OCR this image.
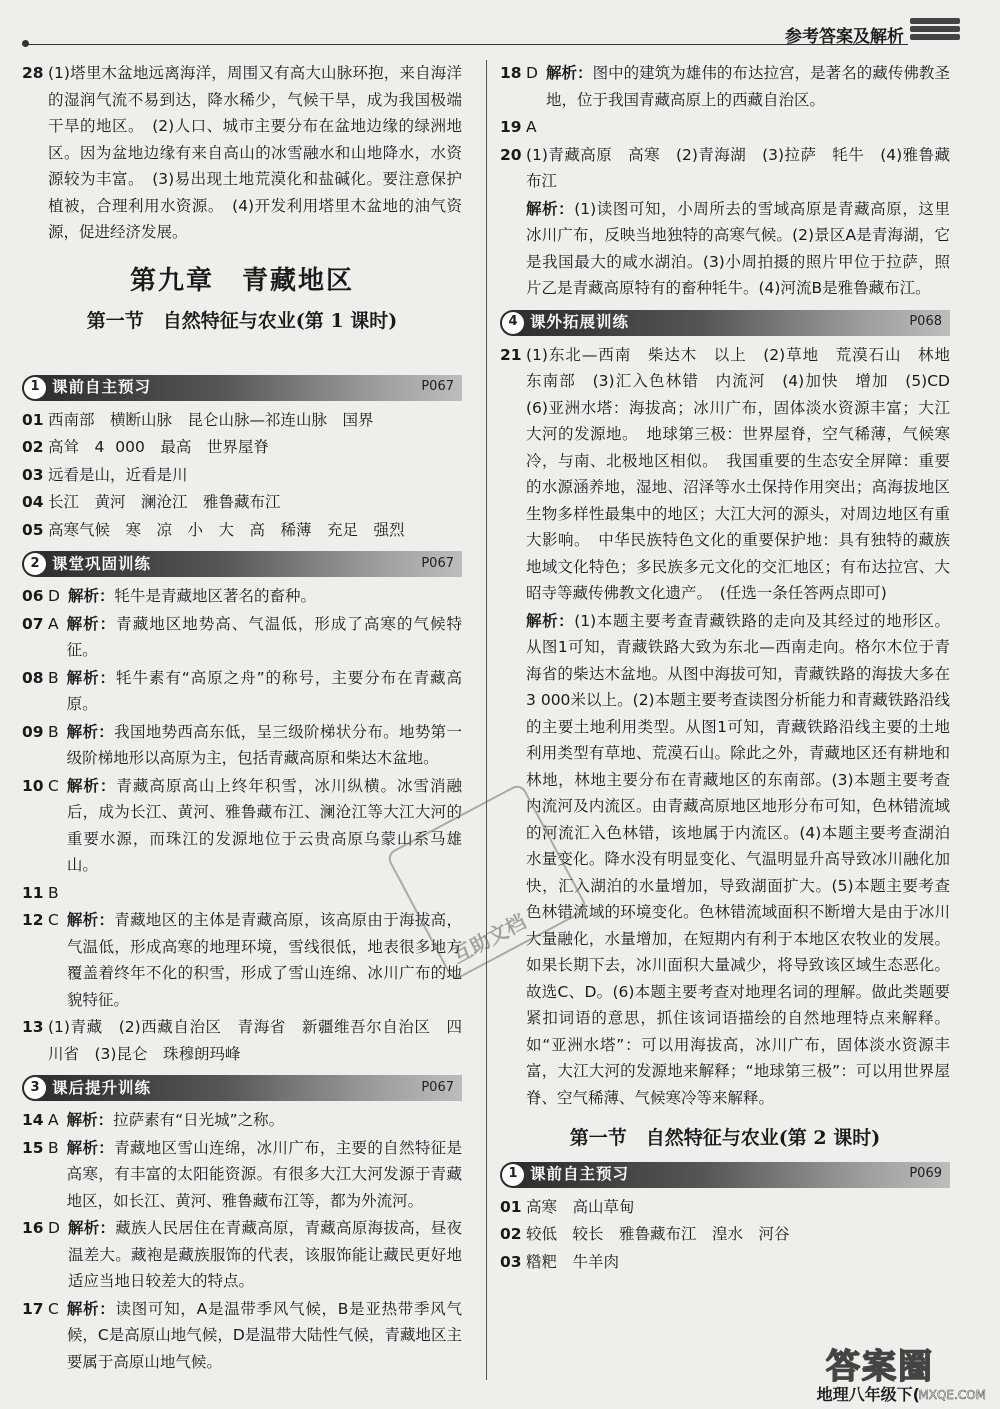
参考答案及解析
28 (1)塔里木盆地远离海洋，周围又有高大山脉环抱，来自海洋的湿润气流不易到达，降水稀少，气候干旱，成为我国极端干旱的地区。　(2)人口、城市主要分布在盆地边缘的绿洲地区。因为盆地边缘有来自高山的冰雪融水和山地降水，水资源较为丰富。　(3)易出现土地荒漠化和盐碱化。要注意保护植被，合理利用水资源。　(4)开发利用塔里木盆地的油气资源，促进经济发展。
第九章　青藏地区
第一节　自然特征与农业(第 1 课时)
1 课前自主预习	P067
01 西南部　横断山脉　昆仑山脉—祁连山脉　国界
02 高耸　4 000　最高　世界屋脊
03 远看是山，近看是川
04 长江　黄河　澜沧江　雅鲁藏布江
05 高寒气候　寒　凉　小　大　高　稀薄　充足　强烈
2 课堂巩固训练	P067
06 D 解析：牦牛是青藏地区著名的畜种。
07 A 解析：青藏地区地势高、气温低，形成了高寒的气候特征。
08 B 解析：牦牛素有“高原之舟”的称号，主要分布在青藏高原。
09 B 解析：我国地势西高东低，呈三级阶梯状分布。地势第一级阶梯地形以高原为主，包括青藏高原和柴达木盆地。
10 C 解析：青藏高原高山上终年积雪，冰川纵横。冰雪消融后，成为长江、黄河、雅鲁藏布江、澜沧江等大江大河的重要水源，而珠江的发源地位于云贵高原乌蒙山系马雄山。
11 B
12 C 解析：青藏地区的主体是青藏高原，该高原由于海拔高，气温低，形成高寒的地理环境，雪线很低，地表很多地方覆盖着终年不化的积雪，形成了雪山连绵、冰川广布的地貌特征。
13 (1)青藏　(2)西藏自治区　青海省　新疆维吾尔自治区　四川省　(3)昆仑　珠穆朗玛峰
3 课后提升训练	P067
14 A 解析：拉萨素有“日光城”之称。
15 B 解析：青藏地区雪山连绵，冰川广布，主要的自然特征是高寒，有丰富的太阳能资源。有很多大江大河发源于青藏地区，如长江、黄河、雅鲁藏布江等，都为外流河。
16 D 解析：藏族人民居住在青藏高原，青藏高原海拔高，昼夜温差大。藏袍是藏族服饰的代表，该服饰能让藏民更好地适应当地日较差大的特点。
17 C 解析：读图可知，A是温带季风气候，B是亚热带季风气候，C是高原山地气候，D是温带大陆性气候，青藏地区主要属于高原山地气候。
18 D 解析：图中的建筑为雄伟的布达拉宫，是著名的藏传佛教圣地，位于我国青藏高原上的西藏自治区。
19 A
20 (1)青藏高原　高寒　(2)青海湖　(3)拉萨　牦牛　(4)雅鲁藏布江
解析：(1)读图可知，小周所去的雪域高原是青藏高原，这里冰川广布，反映当地独特的高寒气候。(2)景区A是青海湖，它是我国最大的咸水湖泊。(3)小周拍摄的照片甲位于拉萨，照片乙是青藏高原特有的畜种牦牛。(4)河流B是雅鲁藏布江。
4 课外拓展训练	P068
21 (1)东北—西南　柴达木　以上　(2)草地　荒漠石山　林地　东南部　(3)汇入色林错　内流河　(4)加快　增加　(5)CD　(6)亚洲水塔：海拔高；冰川广布，固体淡水资源丰富；大江大河的发源地。　地球第三极：世界屋脊，空气稀薄，气候寒冷，与南、北极地区相似。　我国重要的生态安全屏障：重要的水源涵养地，湿地、沼泽等水土保持作用突出；高海拔地区生物多样性最集中的地区；大江大河的源头，对周边地区有重大影响。　中华民族特色文化的重要保护地：具有独特的藏族地域文化特色；多民族多元文化的交汇地区；有布达拉宫、大昭寺等藏传佛教文化遗产。　(任选一条任答两点即可)
解析：(1)本题主要考查青藏铁路的走向及其经过的地形区。从图1可知，青藏铁路大致为东北—西南走向。格尔木位于青海省的柴达木盆地。从图中海拔可知，青藏铁路的海拔大多在3 000米以上。(2)本题主要考查读图分析能力和青藏铁路沿线的主要土地利用类型。从图1可知，青藏铁路沿线主要的土地利用类型有草地、荒漠石山。除此之外，青藏地区还有耕地和林地，林地主要分布在青藏地区的东南部。(3)本题主要考查内流河及内流区。由青藏高原地区地形分布可知，色林错流域的河流汇入色林错，该地属于内流区。(4)本题主要考查湖泊水量变化。降水没有明显变化、气温明显升高导致冰川融化加快，汇入湖泊的水量增加，导致湖面扩大。(5)本题主要考查色林错流域的环境变化。色林错流域面积不断增大是由于冰川大量融化，水量增加，在短期内有利于本地区农牧业的发展。如果长期下去，冰川面积大量减少，将导致该区域生态恶化。故选C、D。(6)本题主要考查对地理名词的理解。做此类题要紧扣词语的意思，抓住该词语描绘的自然地理特点来解释。如“亚洲水塔”：可以用海拔高，冰川广布，固体淡水资源丰富，大江大河的发源地来解释；“地球第三极”：可以用世界屋脊、空气稀薄、气候寒冷等来解释。
第一节　自然特征与农业(第 2 课时)
1 课前自主预习	P069
01 高寒　高山草甸
02 较低　较长　雅鲁藏布江　湟水　河谷
03 糌粑　牛羊肉
互助文档
地理八年级下(
答案圈
MXQE.COM
